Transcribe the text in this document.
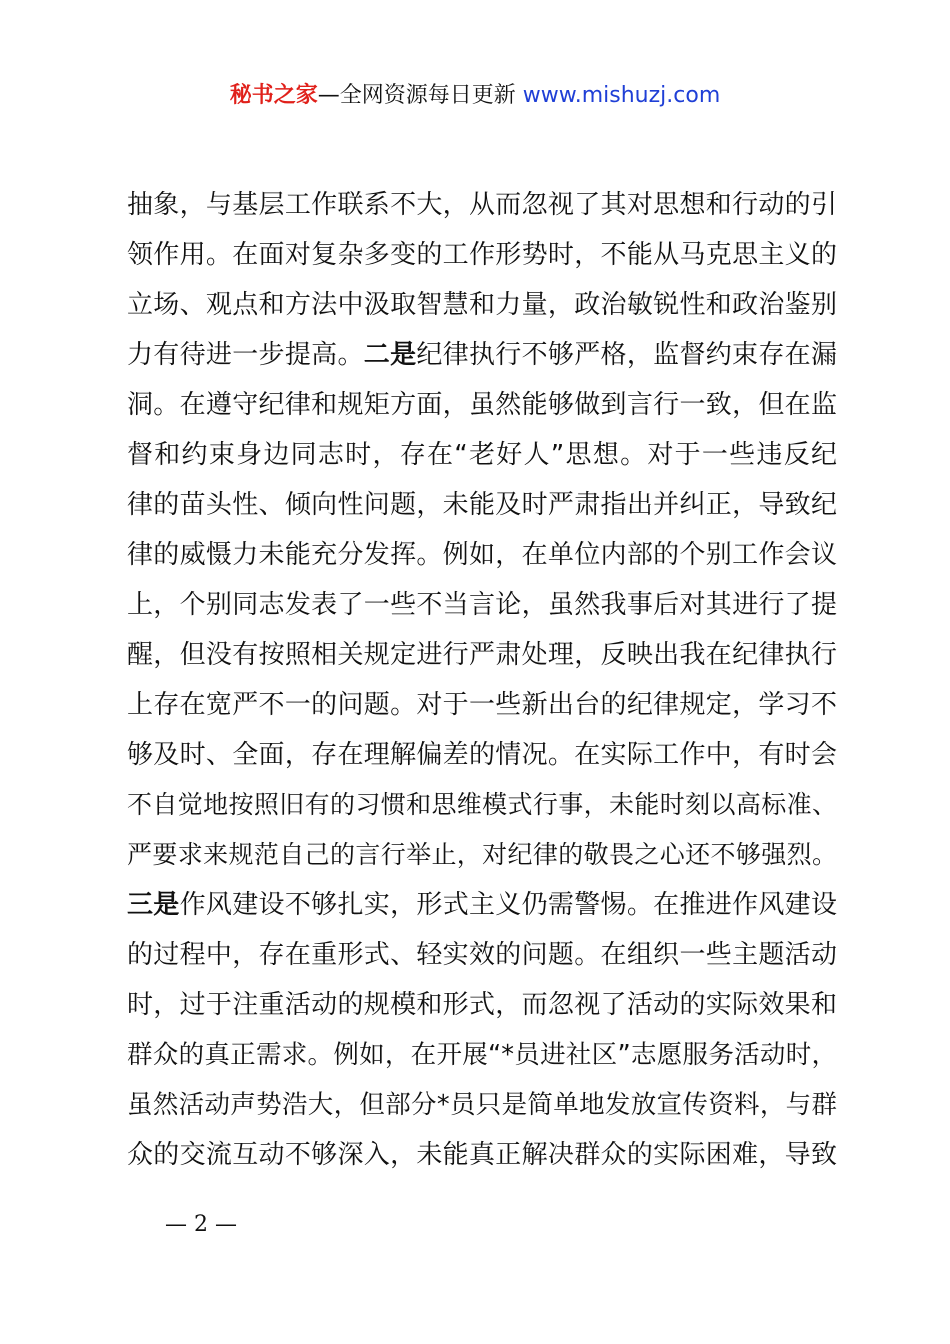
秘书之家—全网资源每日更新 www.mishuzj.com
抽象，与基层工作联系不大，从而忽视了其对思想和行动的引
领作用。在面对复杂多变的工作形势时，不能从马克思主义的
立场、观点和方法中汲取智慧和力量，政治敏锐性和政治鉴别
力有待进一步提高。二是纪律执行不够严格，监督约束存在漏
洞。在遵守纪律和规矩方面，虽然能够做到言行一致，但在监
督和约束身边同志时，存在“老好人”思想。对于一些违反纪
律的苗头性、倾向性问题，未能及时严肃指出并纠正，导致纪
律的威慑力未能充分发挥。例如，在单位内部的个别工作会议
上，个别同志发表了一些不当言论，虽然我事后对其进行了提
醒，但没有按照相关规定进行严肃处理，反映出我在纪律执行
上存在宽严不一的问题。对于一些新出台的纪律规定，学习不
够及时、全面，存在理解偏差的情况。在实际工作中，有时会
不自觉地按照旧有的习惯和思维模式行事，未能时刻以高标准、
严要求来规范自己的言行举止，对纪律的敬畏之心还不够强烈。
三是作风建设不够扎实，形式主义仍需警惕。在推进作风建设
的过程中，存在重形式、轻实效的问题。在组织一些主题活动
时，过于注重活动的规模和形式，而忽视了活动的实际效果和
群众的真正需求。例如，在开展“*员进社区”志愿服务活动时，
虽然活动声势浩大，但部分*员只是简单地发放宣传资料，与群
众的交流互动不够深入，未能真正解决群众的实际困难，导致
— 2 —
